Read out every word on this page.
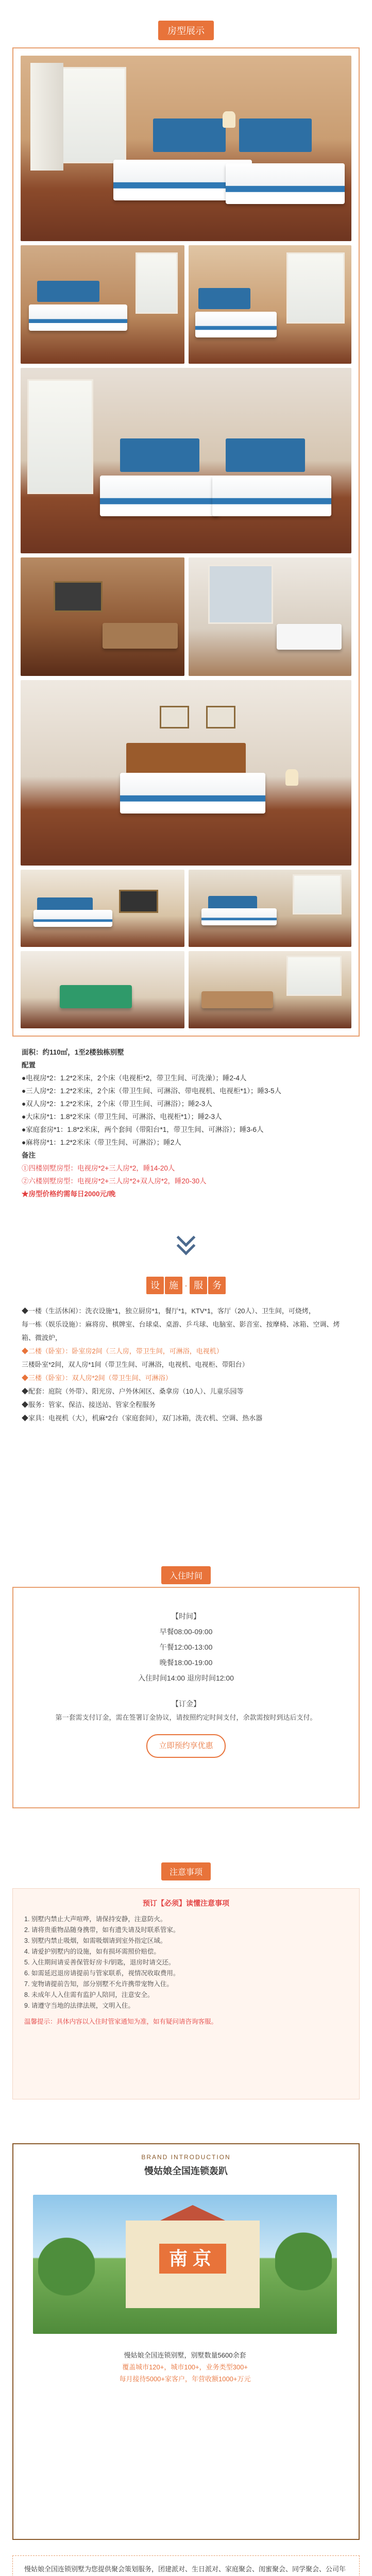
房型展示
面积：约110㎡，1至2楼独栋别墅
配置
●电视房*2：1.2*2米床，2个床（电视柜*2，带卫生间、可洗澡）；睡2-4人
●三人房*2：1.2*2米床，2个床（带卫生间、可淋浴、带电视机、电视柜*1）；睡3-5人
●双人房*2：1.2*2米床，2个床（带卫生间、可淋浴）；睡2-3人
●大床房*1：1.8*2米床（带卫生间、可淋浴、电视柜*1）；睡2-3人
●家庭套房*1：1.8*2米床，两个套间（带阳台*1，带卫生间、可淋浴）；睡3-6人
●麻将房*1：1.2*2米床（带卫生间、可淋浴）；睡2人
备注
①四楼别墅房型：电视房*2+三人房*2，睡14-20人
②六楼别墅房型：电视房*2+三人房*2+双人房*2，睡20-30人
★房型价格约需每日2000元/晚
设 施 · 服 务
◆一楼（生活休闲）：洗衣设施*1，独立厨房*1，餐厅*1，KTV*1，客厅（20人）、卫生间，可烧烤，
每一栋（娱乐设施）：麻将房、棋牌室、台球桌、桌游、乒乓球、电脑室、影音室、按摩椅、冰箱、空调、烤箱、微波炉，
◆二楼（卧室）：卧室房2间（三人房，带卫生间，可淋浴，电视机）
三楼卧室*2间，双人房*1间（带卫生间、可淋浴，电视机、电视柜、带阳台）
◆三楼（卧室）：双人房*2间（带卫生间、可淋浴）
◆配套：庭院（外带）、阳光房、户外休闲区、桑拿房（10人）、儿童乐园等
◆服务：管家、保洁、接送站、管家全程服务
◆家具：电视机（大），机麻*2台（家庭套间），双门冰箱，洗衣机、空调、热水器
入住时间
【时间】
早餐08:00-09:00
午餐12:00-13:00
晚餐18:00-19:00
入住时间14:00 退房时间12:00
【订金】
第一套需支付订金，需在签署订金协议，请按照约定时间支付，余款需按时到达后支付。
立即预约享优惠
注意事项
预订【必须】读懂注意事项
1. 别墅内禁止大声喧哗，请保持安静，注意防火。
2. 请将贵重物品随身携带，如有遗失请及时联系管家。
3. 别墅内禁止吸烟，如需吸烟请到室外指定区域。
4. 请爱护别墅内的设施，如有损坏需照价赔偿。
5. 入住期间请妥善保管好房卡/钥匙，退房时请交还。
6. 如需延迟退房请提前与管家联系，视情况收取费用。
7. 宠物请提前告知，部分别墅不允许携带宠物入住。
8. 未成年人入住需有监护人陪同，注意安全。
9. 请遵守当地的法律法规，文明入住。
温馨提示：具体内容以入住时管家通知为准，如有疑问请咨询客服。
BRAND INTRODUCTION
慢姑娘全国连锁轰趴
南京
慢姑娘全国连锁别墅，别墅数量5600余套
覆盖城市120+，城市100+，业务类型300+
每月接待5000+家客户，年营收额1000+万元
慢姑娘全国连锁别墅为您提供聚会策划服务，团建派对、生日派对、家庭聚会、闺蜜聚会、同学聚会、公司年
